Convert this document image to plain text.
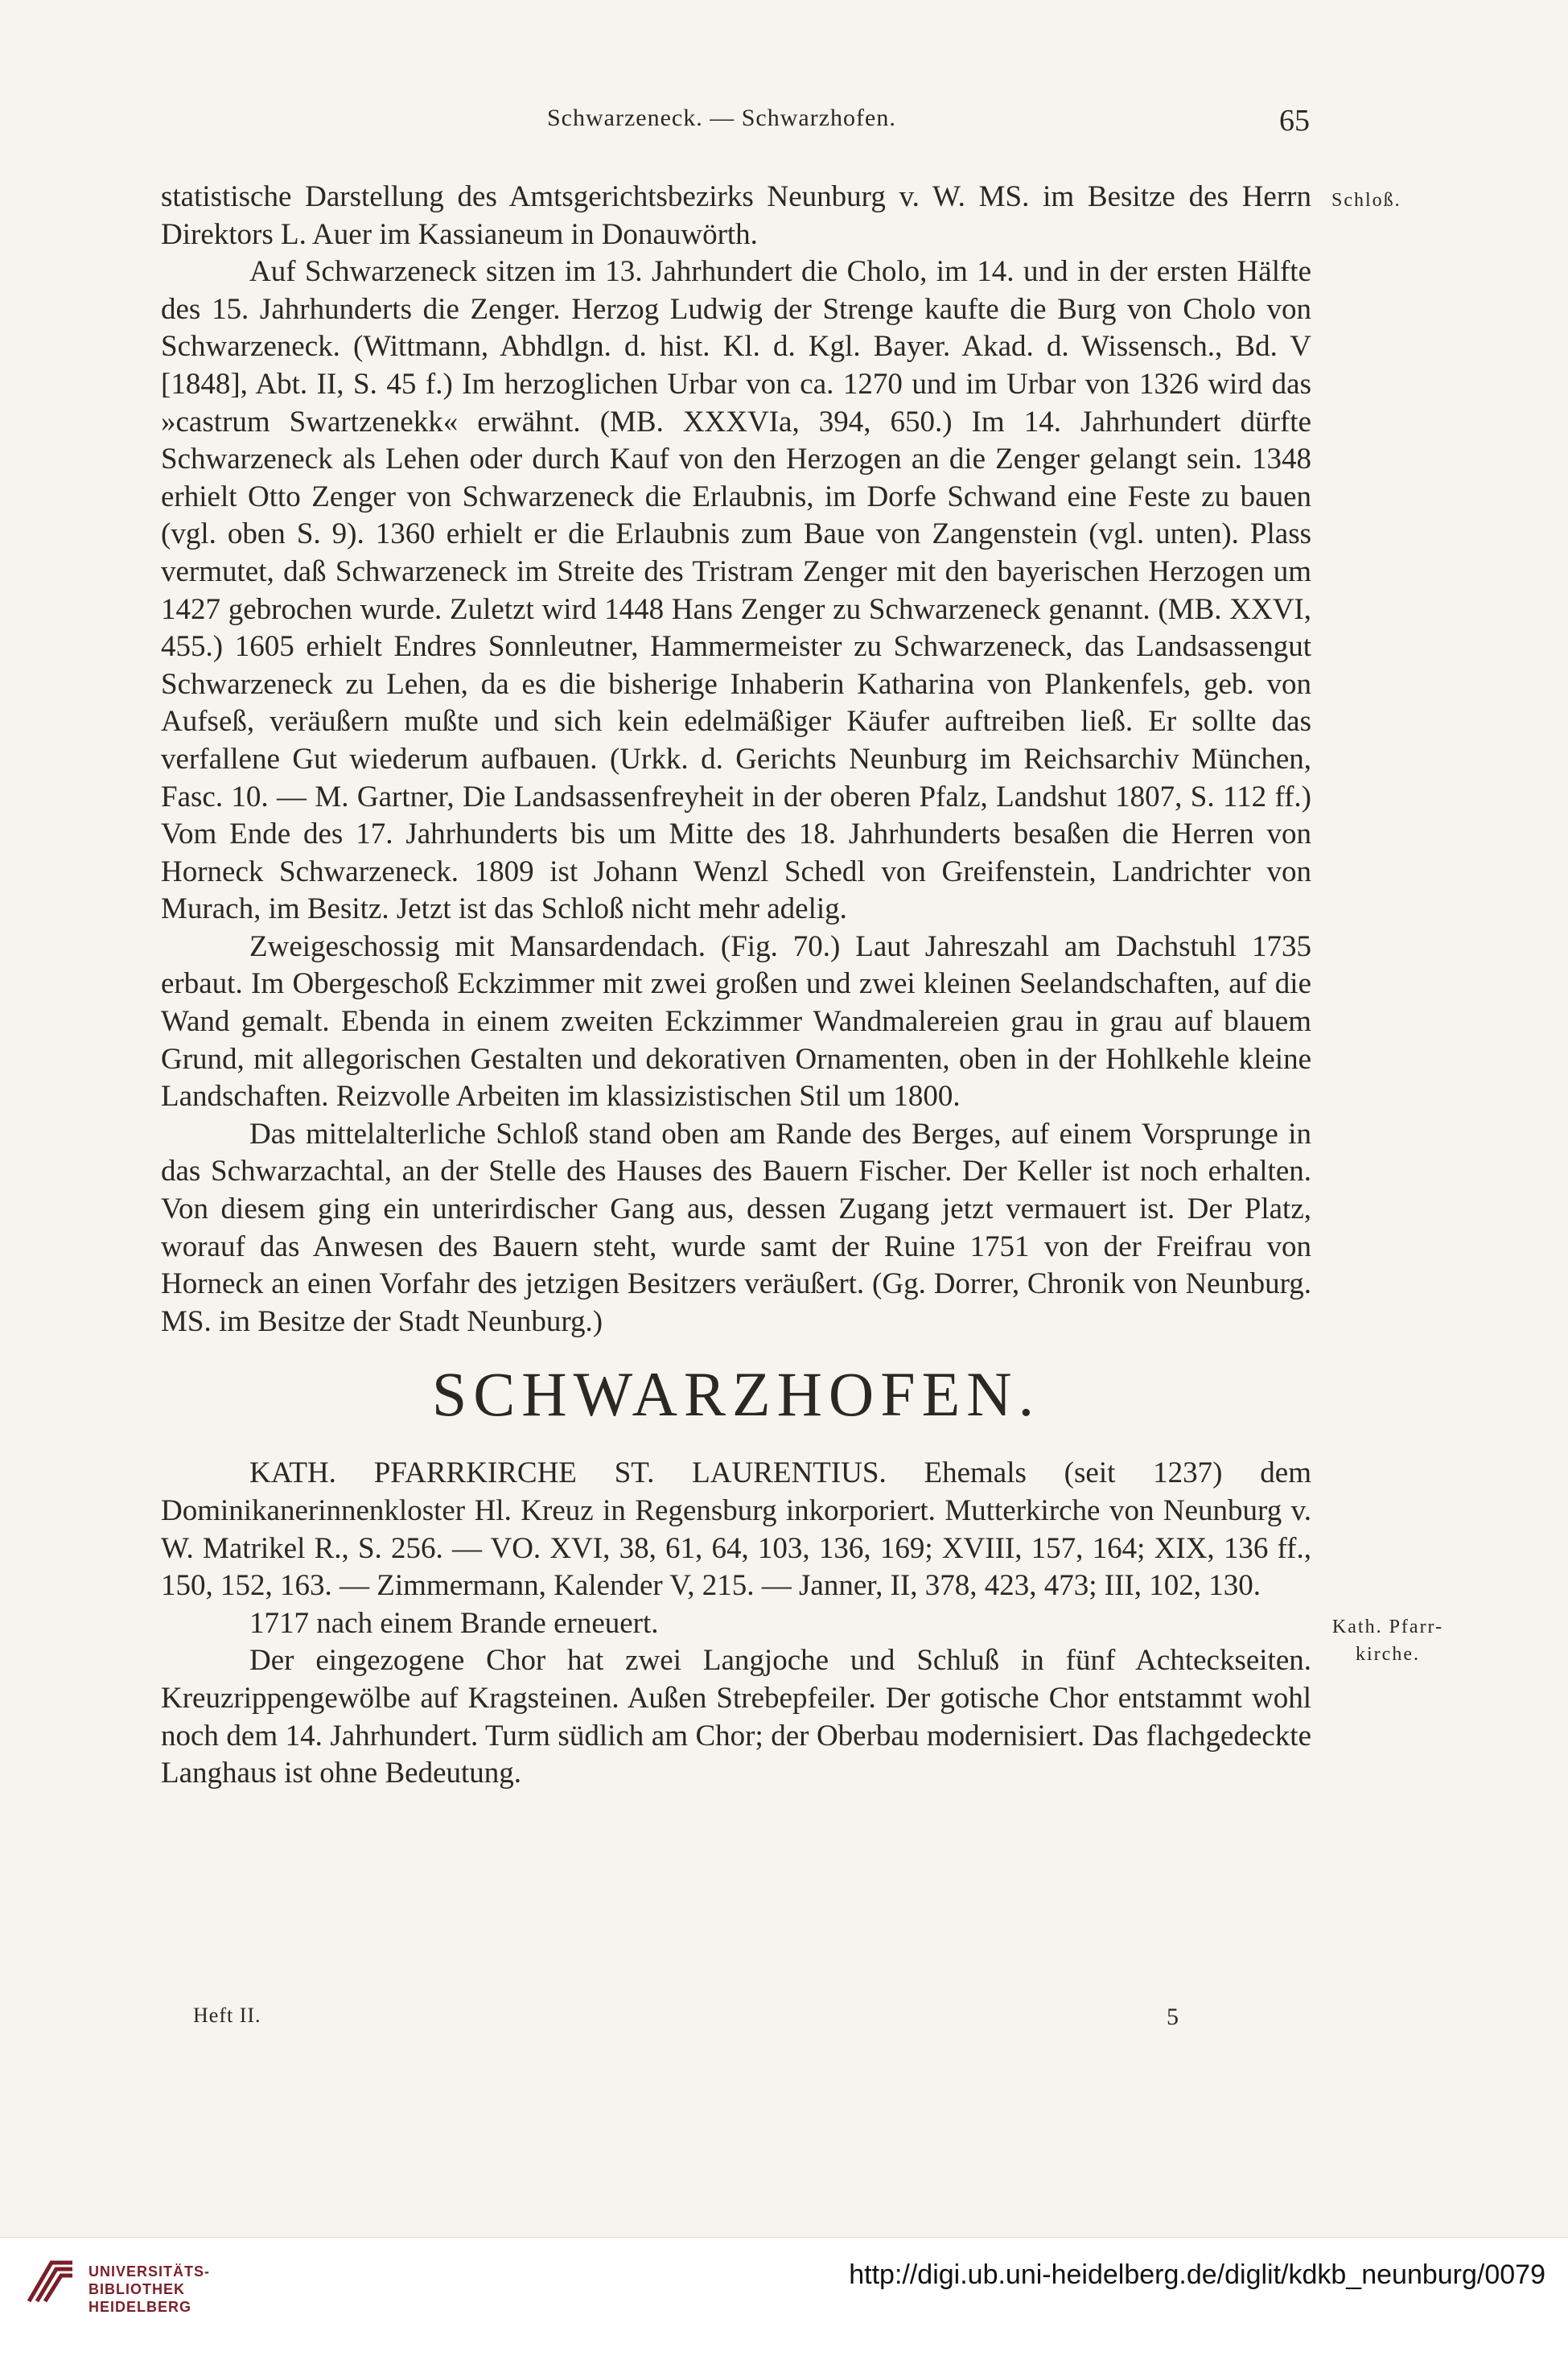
Schwarzeneck. — Schwarzhofen.	65
Schloß.
Kath. Pfarr-kirche.

statistische Darstellung des Amtsgerichtsbezirks Neunburg v. W. MS. im Besitze des Herrn Direktors L. Auer im Kassianeum in Donauwörth.

Auf Schwarzeneck sitzen im 13. Jahrhundert die Cholo, im 14. und in der ersten Hälfte des 15. Jahrhunderts die Zenger. Herzog Ludwig der Strenge kaufte die Burg von Cholo von Schwarzeneck. (Wittmann, Abhdlgn. d. hist. Kl. d. Kgl. Bayer. Akad. d. Wissensch., Bd. V [1848], Abt. II, S. 45 f.) Im herzoglichen Urbar von ca. 1270 und im Urbar von 1326 wird das »castrum Swartzenekk« erwähnt. (MB. XXXVIa, 394, 650.) Im 14. Jahrhundert dürfte Schwarzeneck als Lehen oder durch Kauf von den Herzogen an die Zenger gelangt sein. 1348 erhielt Otto Zenger von Schwarzeneck die Erlaubnis, im Dorfe Schwand eine Feste zu bauen (vgl. oben S. 9). 1360 erhielt er die Erlaubnis zum Baue von Zangenstein (vgl. unten). Plass vermutet, daß Schwarzeneck im Streite des Tristram Zenger mit den bayerischen Herzogen um 1427 gebrochen wurde. Zuletzt wird 1448 Hans Zenger zu Schwarzeneck genannt. (MB. XXVI, 455.) 1605 erhielt Endres Sonnleutner, Hammermeister zu Schwarzeneck, das Landsassengut Schwarzeneck zu Lehen, da es die bisherige Inhaberin Katharina von Plankenfels, geb. von Aufseß, veräußern mußte und sich kein edelmäßiger Käufer auftreiben ließ. Er sollte das verfallene Gut wiederum aufbauen. (Urkk. d. Gerichts Neunburg im Reichsarchiv München, Fasc. 10. — M. Gartner, Die Landsassenfreyheit in der oberen Pfalz, Landshut 1807, S. 112 ff.) Vom Ende des 17. Jahrhunderts bis um Mitte des 18. Jahrhunderts besaßen die Herren von Horneck Schwarzeneck. 1809 ist Johann Wenzl Schedl von Greifenstein, Landrichter von Murach, im Besitz. Jetzt ist das Schloß nicht mehr adelig.

Zweigeschossig mit Mansardendach. (Fig. 70.) Laut Jahreszahl am Dachstuhl 1735 erbaut. Im Obergeschoß Eckzimmer mit zwei großen und zwei kleinen Seelandschaften, auf die Wand gemalt. Ebenda in einem zweiten Eckzimmer Wandmalereien grau in grau auf blauem Grund, mit allegorischen Gestalten und dekorativen Ornamenten, oben in der Hohlkehle kleine Landschaften. Reizvolle Arbeiten im klassizistischen Stil um 1800.

Das mittelalterliche Schloß stand oben am Rande des Berges, auf einem Vorsprunge in das Schwarzachtal, an der Stelle des Hauses des Bauern Fischer. Der Keller ist noch erhalten. Von diesem ging ein unterirdischer Gang aus, dessen Zugang jetzt vermauert ist. Der Platz, worauf das Anwesen des Bauern steht, wurde samt der Ruine 1751 von der Freifrau von Horneck an einen Vorfahr des jetzigen Besitzers veräußert. (Gg. Dorrer, Chronik von Neunburg. MS. im Besitze der Stadt Neunburg.)

SCHWARZHOFEN.

KATH. PFARRKIRCHE ST. LAURENTIUS. Ehemals (seit 1237) dem Dominikanerinnenkloster Hl. Kreuz in Regensburg inkorporiert. Mutterkirche von Neunburg v. W. Matrikel R., S. 256. — VO. XVI, 38, 61, 64, 103, 136, 169; XVIII, 157, 164; XIX, 136 ff., 150, 152, 163. — Zimmermann, Kalender V, 215. — Janner, II, 378, 423, 473; III, 102, 130.

1717 nach einem Brande erneuert.

Der eingezogene Chor hat zwei Langjoche und Schluß in fünf Achteckseiten. Kreuzrippengewölbe auf Kragsteinen. Außen Strebepfeiler. Der gotische Chor entstammt wohl noch dem 14. Jahrhundert. Turm südlich am Chor; der Oberbau modernisiert. Das flachgedeckte Langhaus ist ohne Bedeutung.

Heft II.	5
UNIVERSITÄTS-
BIBLIOTHEK
HEIDELBERG
http://digi.ub.uni-heidelberg.de/diglit/kdkb_neunburg/0079
